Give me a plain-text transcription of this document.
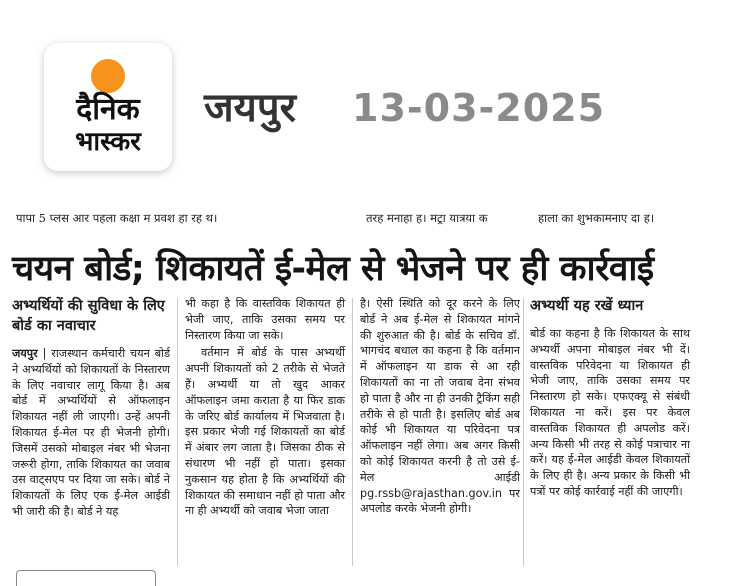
दैनिक
भास्कर
जयपुर 13-03-2025
पापा 5 प्लस आर पहला कक्षा म प्रवश हा रह थ।	तरह मनाहा ह। मट्रा यात्रया क	हाला का शुभकामनाए दा ह।
चयन बोर्ड; शिकायतें ई-मेल से भेजने पर ही कार्रवाई
अभ्यर्थियों की सुविधा के लिए बोर्ड का नवाचार
जयपुर | राजस्थान कर्मचारी चयन बोर्ड ने अभ्यर्थियों को शिकायतों के निस्तारण के लिए नवाचार लागू किया है। अब बोर्ड में अभ्यर्थियों से ऑफलाइन शिकायत नहीं ली जाएगी। उन्हें अपनी शिकायत ई-मेल पर ही भेजनी होगी। जिसमें उसको मोबाइल नंबर भी भेजना जरूरी होगा, ताकि शिकायत का जवाब उस वाट्सएप पर दिया जा सके। बोर्ड ने शिकायतों के लिए एक ई-मेल आईडी भी जारी की है। बोर्ड ने यह
भी कहा है कि वास्तविक शिकायत ही भेजी जाए, ताकि उसका समय पर निस्तारण किया जा सके।
वर्तमान में बोर्ड के पास अभ्यर्थी अपनी शिकायतों को 2 तरीके से भेजते हैं। अभ्यर्थी या तो खुद आकर ऑफलाइन जमा कराता है या फिर डाक के जरिए बोर्ड कार्यालय में भिजवाता है। इस प्रकार भेजी गई शिकायतों का बोर्ड में अंबार लग जाता है। जिसका ठीक से संधारण भी नहीं हो पाता। इसका नुकसान यह होता है कि अभ्यर्थियों की शिकायत की समाधान नहीं हो पाता और ना ही अभ्यर्थी को जवाब भेजा जाता
है। ऐसी स्थिति को दूर करने के लिए बोर्ड ने अब ई-मेल से शिकायत मांगने की शुरुआत की है। बोर्ड के सचिव डॉ. भागचंद बधाल का कहना है कि वर्तमान में ऑफलाइन या डाक से आ रही शिकायतों का ना तो जवाब देना संभव हो पाता है और ना ही उनकी ट्रैकिंग सही तरीके से हो पाती है। इसलिए बोर्ड अब कोई भी शिकायत या परिवेदना पत्र ऑफलाइन नहीं लेगा। अब अगर किसी को कोई शिकायत करनी है तो उसे ई-मेल आईडी pg.rssb@rajasthan.gov.in पर अपलोड करके भेजनी होगी।
अभ्यर्थी यह रखें ध्यान
बोर्ड का कहना है कि शिकायत के साथ अभ्यर्थी अपना मोबाइल नंबर भी दें। वास्तविक परिवेदना या शिकायत ही भेजी जाए, ताकि उसका समय पर निस्तारण हो सके। एफएक्यू से संबंधी शिकायत ना करें। इस पर केवल वास्तविक शिकायत ही अपलोड करें। अन्य किसी भी तरह से कोई पत्राचार ना करें। यह ई-मेल आईडी केवल शिकायतों के लिए ही है। अन्य प्रकार के किसी भी पत्रों पर कोई कार्रवाई नहीं की जाएगी।
